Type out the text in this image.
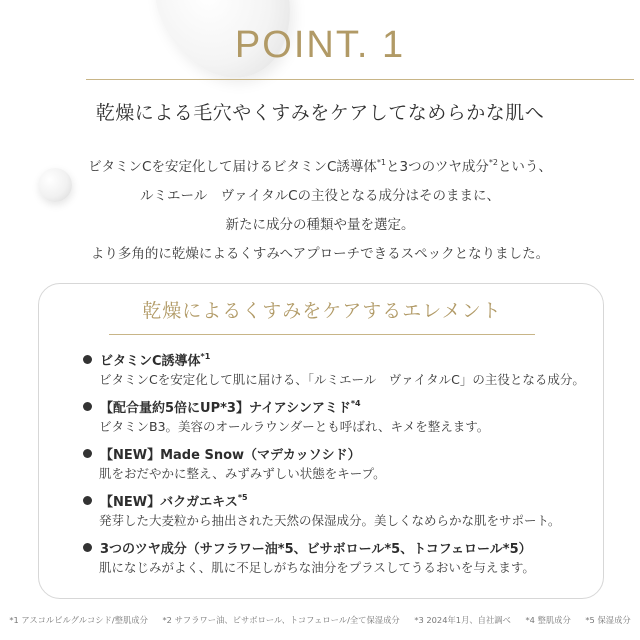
POINT. 1
乾燥による毛穴やくすみをケアしてなめらかな肌へ
ビタミンCを安定化して届けるビタミンC誘導体$^{*1}$と3つのツヤ成分$^{*2}$という、
ルミエール　ヴァイタルCの主役となる成分はそのままに、
新たに成分の種類や量を選定。
より多角的に乾燥によるくすみへアプローチできるスペックとなりました。
乾燥によるくすみをケアするエレメント
ビタミンC誘導体$^{*1}$
ビタミンCを安定化して肌に届ける、「ルミエール　ヴァイタルC」の主役となる成分。
【配合量約5倍にUP*3】ナイアシンアミド$^{*4}$
ビタミンB3。美容のオールラウンダーとも呼ばれ、キメを整えます。
【NEW】Made Snow（マデカッソシド）
肌をおだやかに整え、みずみずしい状態をキープ。
【NEW】バクガエキス$^{*5}$
発芽した大麦粒から抽出された天然の保湿成分。美しくなめらかな肌をサポート。
3つのツヤ成分（サフラワー油*5、ビサボロール*5、トコフェロール*5）
肌になじみがよく、肌に不足しがちな油分をプラスしてうるおいを与えます。
*1 アスコルビルグルコシド/整肌成分 *2 サフラワー油、ビサボロール、トコフェロール/全て保湿成分 *3 2024年1月、自社調べ *4 整肌成分 *5 保湿成分
